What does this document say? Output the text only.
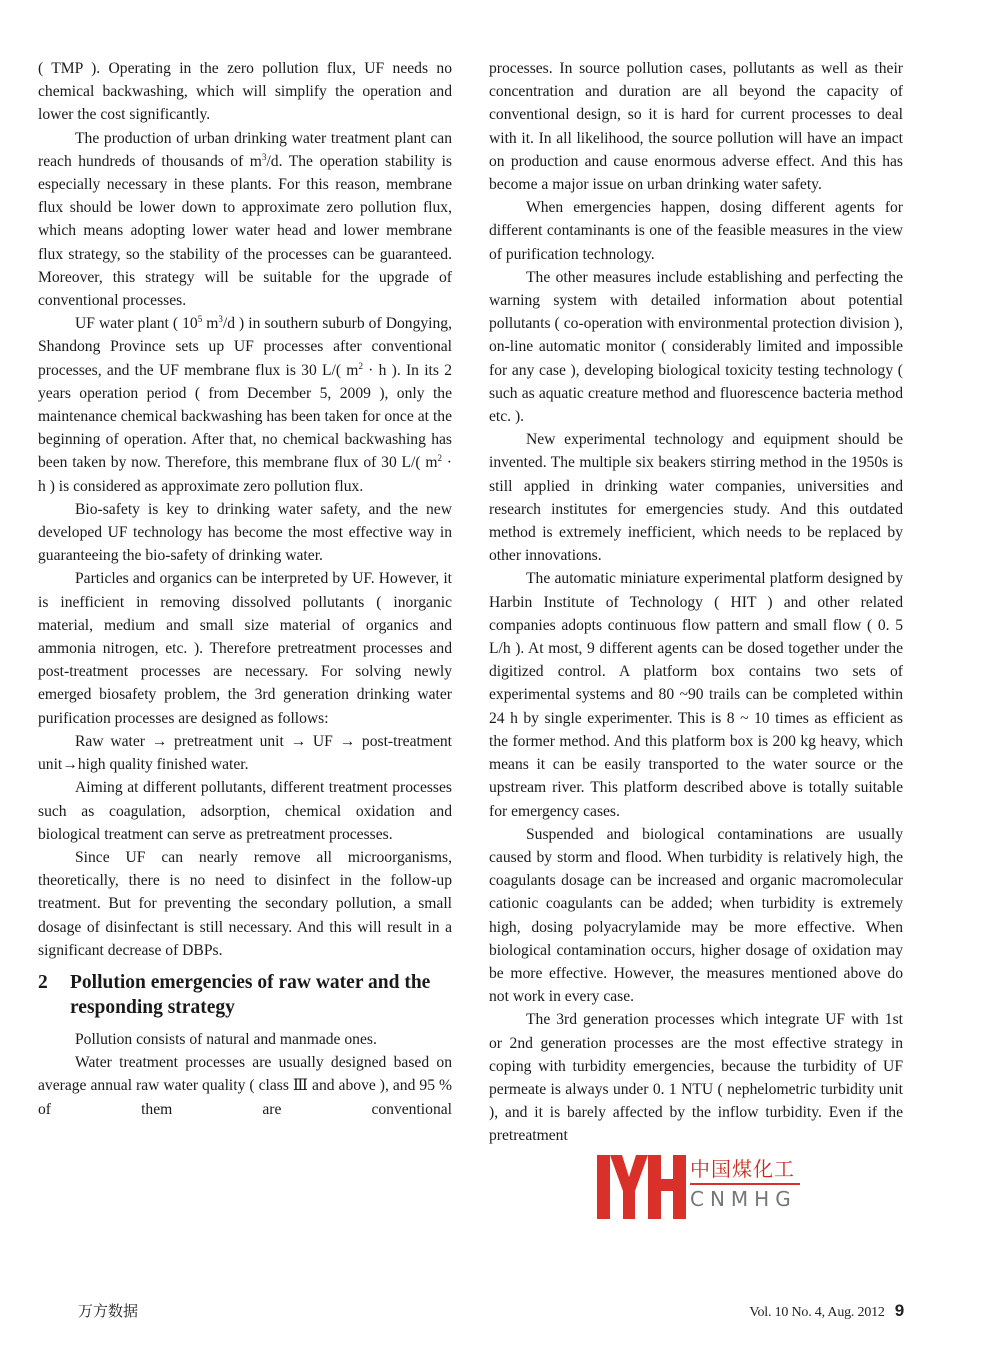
( TMP ). Operating in the zero pollution flux, UF needs no chemical backwashing, which will simplify the operation and lower the cost significantly.

The production of urban drinking water treatment plant can reach hundreds of thousands of $m^3/d$. The operation stability is especially necessary in these plants. For this reason, membrane flux should be lower down to approximate zero pollution flux, which means adopting lower water head and lower membrane flux strategy, so the stability of the processes can be guaranteed. Moreover, this strategy will be suitable for the upgrade of conventional processes.

UF water plant ( $10^5$ $m^3/d$ ) in southern suburb of Dongying, Shandong Province sets up UF processes after conventional processes, and the UF membrane flux is 30 L/( $m^2 \cdot h$ ). In its 2 years operation period ( from December 5, 2009 ), only the maintenance chemical backwashing has been taken for once at the beginning of operation. After that, no chemical backwashing has been taken by now. Therefore, this membrane flux of 30 L/( $m^2 \cdot h$ ) is considered as approximate zero pollution flux.

Bio-safety is key to drinking water safety, and the new developed UF technology has become the most effective way in guaranteeing the bio-safety of drinking water.

Particles and organics can be interpreted by UF. However, it is inefficient in removing dissolved pollutants ( inorganic material, medium and small size material of organics and ammonia nitrogen, etc. ). Therefore pretreatment processes and post-treatment processes are necessary. For solving newly emerged biosafety problem, the 3rd generation drinking water purification processes are designed as follows:

Raw water → pretreatment unit → UF → post-treatment unit→high quality finished water.

Aiming at different pollutants, different treatment processes such as coagulation, adsorption, chemical oxidation and biological treatment can serve as pretreatment processes.

Since UF can nearly remove all microorganisms, theoretically, there is no need to disinfect in the follow-up treatment. But for preventing the secondary pollution, a small dosage of disinfectant is still necessary. And this will result in a significant decrease of DBPs.

2	Pollution emergencies of raw water and the responding strategy

Pollution consists of natural and manmade ones.

Water treatment processes are usually designed based on average annual raw water quality ( class Ⅲ and above ), and 95 % of them are conventional

processes. In source pollution cases, pollutants as well as their concentration and duration are all beyond the capacity of conventional design, so it is hard for current processes to deal with it. In all likelihood, the source pollution will have an impact on production and cause enormous adverse effect. And this has become a major issue on urban drinking water safety.

When emergencies happen, dosing different agents for different contaminants is one of the feasible measures in the view of purification technology.

The other measures include establishing and perfecting the warning system with detailed information about potential pollutants ( co-operation with environmental protection division ), on-line automatic monitor ( considerably limited and impossible for any case ), developing biological toxicity testing technology ( such as aquatic creature method and fluorescence bacteria method etc. ).

New experimental technology and equipment should be invented. The multiple six beakers stirring method in the 1950s is still applied in drinking water companies, universities and research institutes for emergencies study. And this outdated method is extremely inefficient, which needs to be replaced by other innovations.

The automatic miniature experimental platform designed by Harbin Institute of Technology ( HIT ) and other related companies adopts continuous flow pattern and small flow ( 0. 5 L/h ). At most, 9 different agents can be dosed together under the digitized control. A platform box contains two sets of experimental systems and 80 ~90 trails can be completed within 24 h by single experimenter. This is 8 ~ 10 times as efficient as the former method. And this platform box is 200 kg heavy, which means it can be easily transported to the water source or the upstream river. This platform described above is totally suitable for emergency cases.

Suspended and biological contaminations are usually caused by storm and flood. When turbidity is relatively high, the coagulants dosage can be increased and organic macromolecular cationic coagulants can be added; when turbidity is extremely high, dosing polyacrylamide may be more effective. When biological contamination occurs, higher dosage of oxidation may be more effective. However, the measures mentioned above do not work in every case.

The 3rd generation processes which integrate UF with 1st or 2nd generation processes are the most effective strategy in coping with turbidity emergencies, because the turbidity of UF permeate is always under 0. 1 NTU ( nephelometric turbidity unit ), and it is barely affected by the inflow turbidity. Even if the pretreatment

中国煤化工
CNMHG
万方数据	Vol. 10 No. 4, Aug. 2012 9
